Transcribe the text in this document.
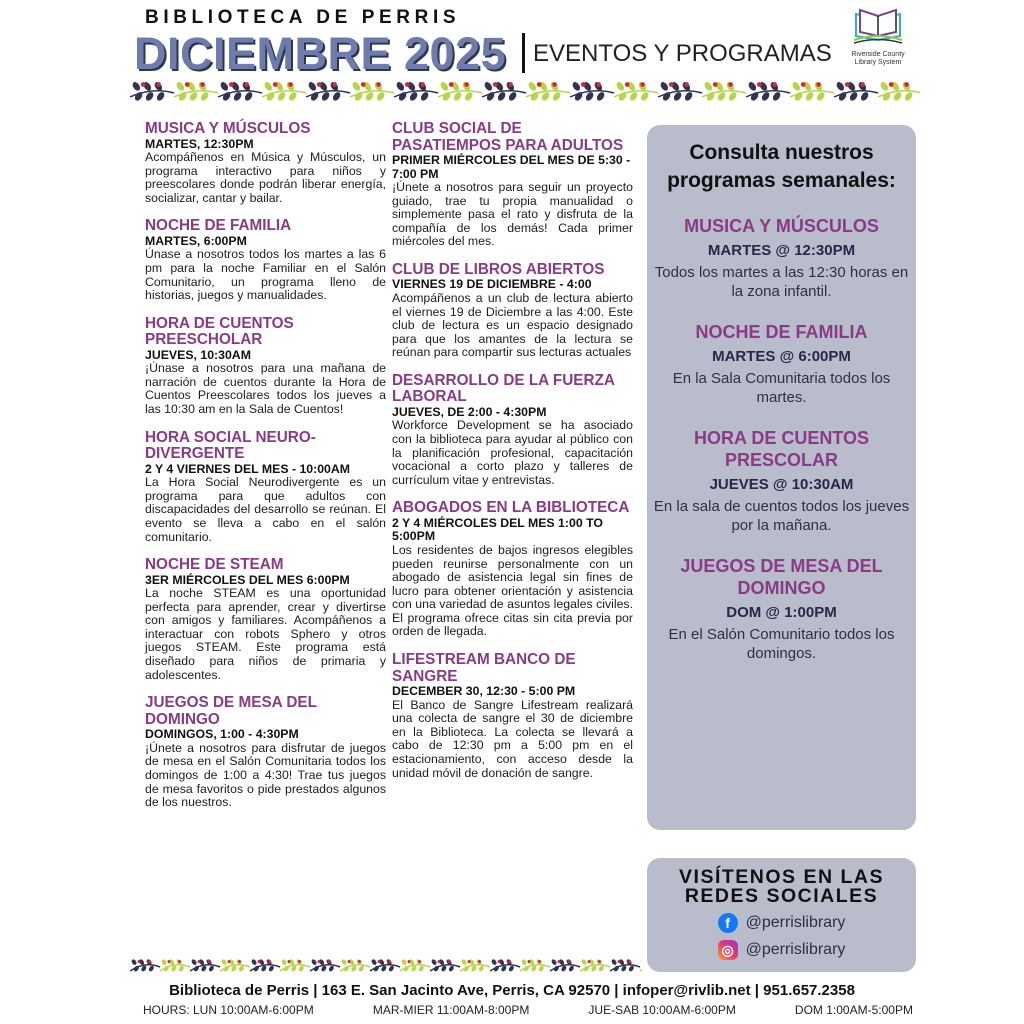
BIBLIOTECA DE PERRIS
DICIEMBRE 2025 EVENTOS Y PROGRAMAS	Riverside County
Library System
MUSICA Y MÚSCULOS
MARTES, 12:30PM

Acompáñenos en Música y Músculos, un programa interactivo para niños y preescolares donde podrán liberar energía, socializar, cantar y bailar.

NOCHE DE FAMILIA
MARTES, 6:00PM

Únase a nosotros todos los martes a las 6 pm para la noche Familiar en el Salón Comunitario, un programa lleno de historias, juegos y manualidades.

HORA DE CUENTOS PREESCHOLAR
JUEVES, 10:30AM

¡Únase a nosotros para una mañana de narración de cuentos durante la Hora de Cuentos Preescolares todos los jueves a las 10:30 am en la Sala de Cuentos!

HORA SOCIAL NEURO-DIVERGENTE
2 Y 4 VIERNES DEL MES - 10:00AM

La Hora Social Neurodivergente es un programa para que adultos con discapacidades del desarrollo se reúnan. El evento se lleva a cabo en el salón comunitario.

NOCHE DE STEAM
3ER MIÉRCOLES DEL MES 6:00PM

La noche STEAM es una oportunidad perfecta para aprender, crear y divertirse con amigos y familiares. Acompáñenos a interactuar con robots Sphero y otros juegos STEAM. Este programa está diseñado para niños de primaria y adolescentes.

JUEGOS DE MESA DEL DOMINGO
DOMINGOS, 1:00 - 4:30PM

¡Únete a nosotros para disfrutar de juegos de mesa en el Salón Comunitaria todos los domingos de 1:00 a 4:30! Trae tus juegos de mesa favoritos o pide prestados algunos de los nuestros.

CLUB SOCIAL DE PASATIEMPOS PARA ADULTOS
PRIMER MIÉRCOLES DEL MES DE 5:30 - 7:00 PM

¡Únete a nosotros para seguir un proyecto guiado, trae tu propia manualidad o simplemente pasa el rato y disfruta de la compañía de los demás! Cada primer miércoles del mes.

CLUB DE LIBROS ABIERTOS
VIERNES 19 DE DICIEMBRE - 4:00

Acompáñenos a un club de lectura abierto el viernes 19 de Diciembre a las 4:00. Este club de lectura es un espacio designado para que los amantes de la lectura se reúnan para compartir sus lecturas actuales

DESARROLLO DE LA FUERZA LABORAL
JUEVES, DE 2:00 - 4:30PM

Workforce Development se ha asociado con la biblioteca para ayudar al público con la planificación profesional, capacitación vocacional a corto plazo y talleres de currículum vitae y entrevistas.

ABOGADOS EN LA BIBLIOTECA
2 Y 4 MIÉRCOLES DEL MES 1:00 TO 5:00PM

Los residentes de bajos ingresos elegibles pueden reunirse personalmente con un abogado de asistencia legal sin fines de lucro para obtener orientación y asistencia con una variedad de asuntos legales civiles. El programa ofrece citas sin cita previa por orden de llegada.

LIFESTREAM BANCO DE SANGRE
DECEMBER 30, 12:30 - 5:00 PM

El Banco de Sangre Lifestream realizará una colecta de sangre el 30 de diciembre en la Biblioteca. La colecta se llevará a cabo de 12:30 pm a 5:00 pm en el estacionamiento, con acceso desde la unidad móvil de donación de sangre.

Consulta nuestros programas semanales:
MUSICA Y MÚSCULOS
MARTES @ 12:30PM
Todos los martes a las 12:30 horas en la zona infantil.
NOCHE DE FAMILIA
MARTES @ 6:00PM
En la Sala Comunitaria todos los martes.
HORA DE CUENTOS PRESCOLAR
JUEVES @ 10:30AM
En la sala de cuentos todos los jueves por la mañana.
JUEGOS DE MESA DEL DOMINGO
DOM @ 1:00PM
En el Salón Comunitario todos los domingos.
VISÍTENOS EN LAS REDES SOCIALES
f @perrislibrary
◎ @perrislibrary
Biblioteca de Perris | 163 E. San Jacinto Ave, Perris, CA 92570 | infoper@rivlib.net | 951.657.2358
HOURS: LUN 10:00AM-6:00PM	MAR-MIER 11:00AM-8:00PM	JUE-SAB 10:00AM-6:00PM	DOM 1:00AM-5:00PM
